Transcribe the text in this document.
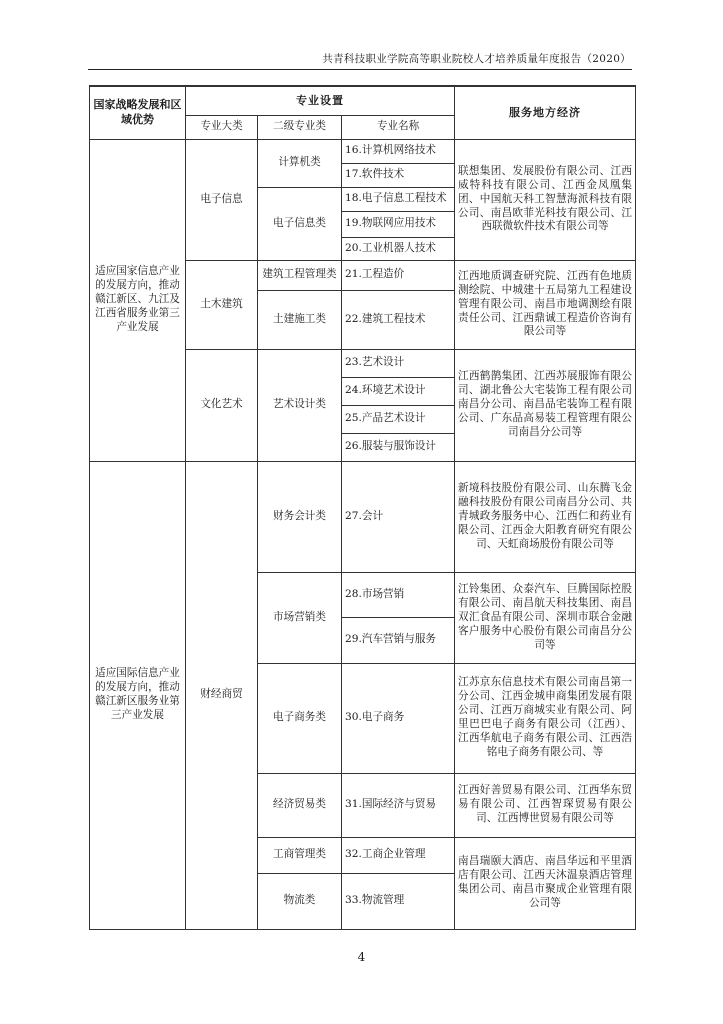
共青科技职业学院高等职业院校人才培养质量年度报告（2020）
国家战略发展和区域优势	专业设置			服务地方经济
	专业大类	二级专业类	专业名称	
适应国家信息产业的发展方向，推动赣江新区、九江及江西省服务业第三产业发展	电子信息	计算机类	16.计算机网络技术	联想集团、发展股份有限公司、江西威特科技有限公司、江西金凤凰集团、中国航天科工智慧海派科技有限公司、南昌欧菲光科技有限公司、江西联微软件技术有限公司等
			17.软件技术	
		电子信息类	18.电子信息工程技术	
			19.物联网应用技术	
			20.工业机器人技术	
	土木建筑	建筑工程管理类	21.工程造价	江西地质调查研究院、江西有色地质测绘院、中城建十五局第九工程建设管理有限公司、南昌市地调测绘有限责任公司、江西鼎诚工程造价咨询有限公司等
		土建施工类	22.建筑工程技术	
	文化艺术	艺术设计类	23.艺术设计	江西鹤鹊集团、江西苏展服饰有限公司、湖北鲁公大宅装饰工程有限公司南昌分公司、南昌品宅装饰工程有限公司、广东品高易装工程管理有限公司南昌分公司等
			24.环境艺术设计	
			25.产品艺术设计	
			26.服装与服饰设计	
适应国际信息产业的发展方向，推动赣江新区服务业第三产业发展	财经商贸	财务会计类	27.会计	新境科技股份有限公司、山东腾飞金融科技股份有限公司南昌分公司、共青城政务服务中心、江西仁和药业有限公司、江西金大阳教育研究有限公司、天虹商场股份有限公司等
		市场营销类	28.市场营销	江铃集团、众泰汽车、巨腾国际控股有限公司、南昌航天科技集团、南昌双汇食品有限公司、深圳市联合金融客户服务中心股份有限公司南昌分公司等
			29.汽车营销与服务	
		电子商务类	30.电子商务	江苏京东信息技术有限公司南昌第一分公司、江西金城申商集团发展有限公司、江西万商城实业有限公司、阿里巴巴电子商务有限公司（江西）、江西华航电子商务有限公司、江西浩铭电子商务有限公司、等
		经济贸易类	31.国际经济与贸易	江西好善贸易有限公司、江西华东贸易有限公司、江西智琛贸易有限公司、江西博世贸易有限公司等
		工商管理类	32.工商企业管理	南昌瑞颐大酒店、南昌华远和平里酒店有限公司、江西天沐温泉酒店管理集团公司、南昌市聚成企业管理有限公司等
		物流类	33.物流管理	
4
